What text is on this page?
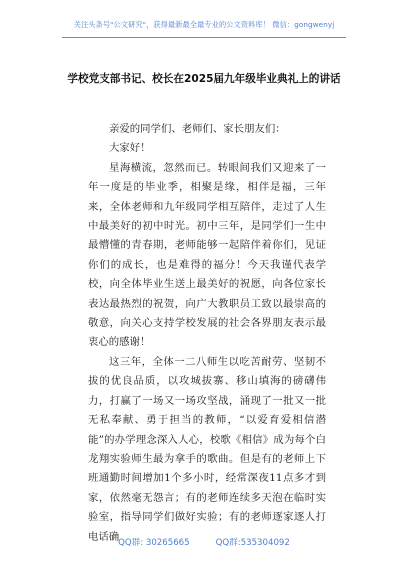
关注头条号"公文研究"，获得最新最全最专业的公文资料库！ 微信：gongwenyj
学校党支部书记、校长在2025届九年级毕业典礼上的讲话

亲爱的同学们、老师们、家长朋友们：

大家好！

星海横流，忽然而已。转眼间我们又迎来了一年一度是的毕业季，相聚是缘，相伴是福，三年来，全体老师和九年级同学相互陪伴，走过了人生中最美好的初中时光。初中三年，是同学们一生中最懵懂的青春期，老师能够一起陪伴着你们，见证你们的成长，也是难得的福分！今天我谨代表学校，向全体毕业生送上最美好的祝愿，向各位家长表达最热烈的祝贺，向广大教职员工致以最崇高的敬意，向关心支持学校发展的社会各界朋友表示最衷心的感谢！

这三年，全体一二八师生以吃苦耐劳、坚韧不拔的优良品质，以攻城拔寨、移山填海的磅礴伟力，打赢了一场又一场攻坚战，涌现了一批又一批无私奉献、勇于担当的教师，“以爱育爱相信潜能”的办学理念深入人心，校歌《相信》成为每个白龙翔实验师生最为拿手的歌曲。但是有的老师上下班通勤时间增加1个多小时，经常深夜11点多才到家，依然毫无怨言；有的老师连续多天泡在临时实验室，指导同学们做好实验；有的老师逐家逐人打电话确

QQ群: 30265665	QQ群:535304092
